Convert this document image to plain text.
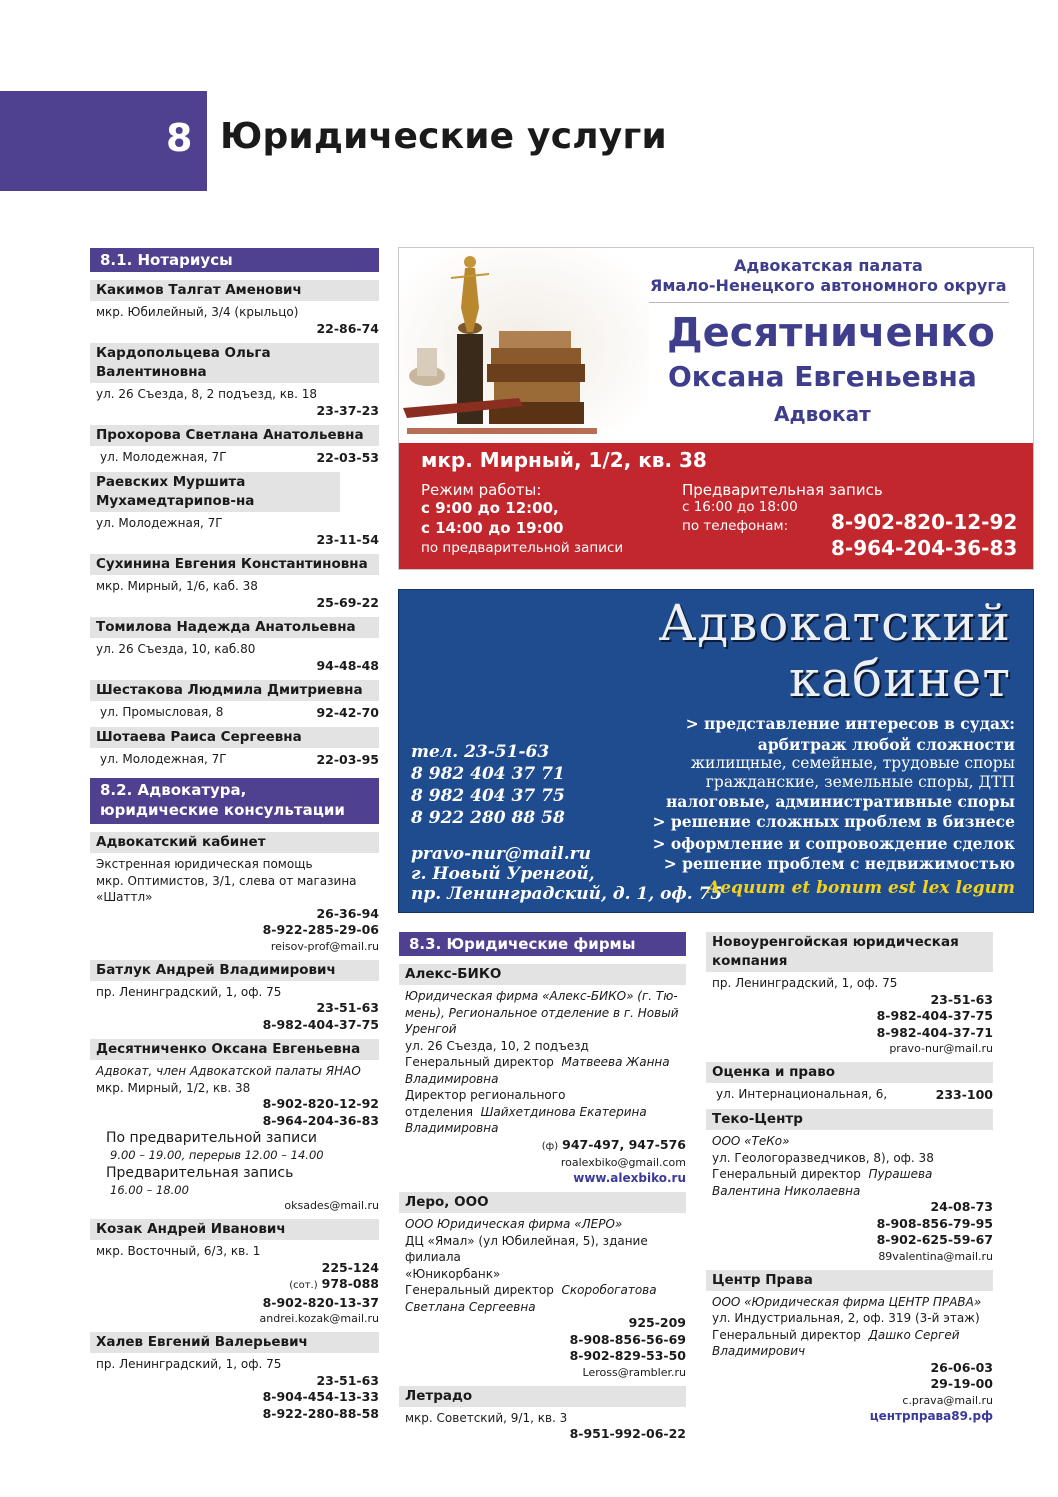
8 Юридические услуги
8.1. Нотариусы
Какимов Талгат Аменович
мкр. Юбилейный, 3/4 (крыльцо)
22-86-74
Кардопольцева Ольга Валентиновна
ул. 26 Съезда, 8, 2 подъезд, кв. 18
23-37-23
Прохорова Светлана Анатольевна
ул. Молодежная, 7Г	22-03-53
Раевских Муршита Мухамедтарипов-на
ул. Молодежная, 7Г
23-11-54
Сухинина Евгения Константиновна
мкр. Мирный, 1/6, каб. 38
25-69-22
Томилова Надежда Анатольевна
ул. 26 Съезда, 10, каб.80
94-48-48
Шестакова Людмила Дмитриевна
ул. Промысловая, 8	92-42-70
Шотаева Раиса Сергеевна
ул. Молодежная, 7Г	22-03-95
8.2. Адвокатура,
юридические консультации
Адвокатский кабинет
Экстренная юридическая помощь
мкр. Оптимистов, 3/1, слева от магазина
«Шаттл»
26-36-94
8-922-285-29-06
reisov-prof@mail.ru
Батлук Андрей Владимирович
пр. Ленинградский, 1, оф. 75
23-51-63
8-982-404-37-75
Десятниченко Оксана Евгеньевна
Адвокат, член Адвокатской палаты ЯНАО
мкр. Мирный, 1/2, кв. 38
8-902-820-12-92
8-964-204-36-83
По предварительной записи
9.00 – 19.00, перерыв 12.00 – 14.00
Предварительная запись
16.00 – 18.00
oksades@mail.ru
Козак Андрей Иванович
мкр. Восточный, 6/3, кв. 1
225-124
(сот.) 978-088
8-902-820-13-37
andrei.kozak@mail.ru
Халев Евгений Валерьевич
пр. Ленинградский, 1, оф. 75
23-51-63
8-904-454-13-33
8-922-280-88-58
Адвокатская палата
Ямало-Ненецкого автономного округа
Десятниченко
Оксана Евгеньевна
Адвокат
мкр. Мирный, 1/2, кв. 38
Режим работы:
с 9:00 до 12:00,
с 14:00 до 19:00
по предварительной записи
Предварительная запись
с 16:00 до 18:00
по телефонам: 8-902-820-12-92
8-964-204-36-83
Адвокатский
кабинет
> представление интересов в судах:
арбитраж любой сложности
жилищные, семейные, трудовые споры
гражданские, земельные споры, ДТП
налоговые, административные споры
> решение сложных проблем в бизнесе
> оформление и сопровождение сделок
> решение проблем с недвижимостью
тел. 23-51-63
8 982 404 37 71
8 982 404 37 75
8 922 280 88 58
pravo-nur@mail.ru
г. Новый Уренгой,
пр. Ленинградский, д. 1, оф. 75
Aequum et bonum est lex legum
8.3. Юридические фирмы
Алекс-БИКО
Юридическая фирма «Алекс-БИКО» (г. Тю-
мень), Региональное отделение в г. Новый
Уренгой
ул. 26 Съезда, 10, 2 подъезд
Генеральный директор Матвеева Жанна
Владимировна
Директор регионального
отделения Шайхетдинова Екатерина
Владимировна
(ф) 947-497, 947-576
roalexbiko@gmail.com
www.alexbiko.ru
Леро, ООО
ООО Юридическая фирма «ЛЕРО»
ДЦ «Ямал» (ул Юбилейная, 5), здание филиала
«Юникорбанк»
Генеральный директор Скоробогатова
Светлана Сергеевна
925-209
8-908-856-56-69
8-902-829-53-50
Leross@rambler.ru
Летрадо
мкр. Советский, 9/1, кв. 3
8-951-992-06-22
Новоуренгойская юридическая
компания
пр. Ленинградский, 1, оф. 75
23-51-63
8-982-404-37-75
8-982-404-37-71
pravo-nur@mail.ru
Оценка и право
ул. Интернациональная, 6,	233-100
Теко-Центр
ООО «ТеКо»
ул. Геологоразведчиков, 8), оф. 38
Генеральный директор Пурашева
Валентина Николаевна
24-08-73
8-908-856-79-95
8-902-625-59-67
89valentina@mail.ru
Центр Права
ООО «Юридическая фирма ЦЕНТР ПРАВА»
ул. Индустриальная, 2, оф. 319 (3-й этаж)
Генеральный директор Дашко Сергей
Владимирович
26-06-03
29-19-00
c.prava@mail.ru
центрправа89.рф
